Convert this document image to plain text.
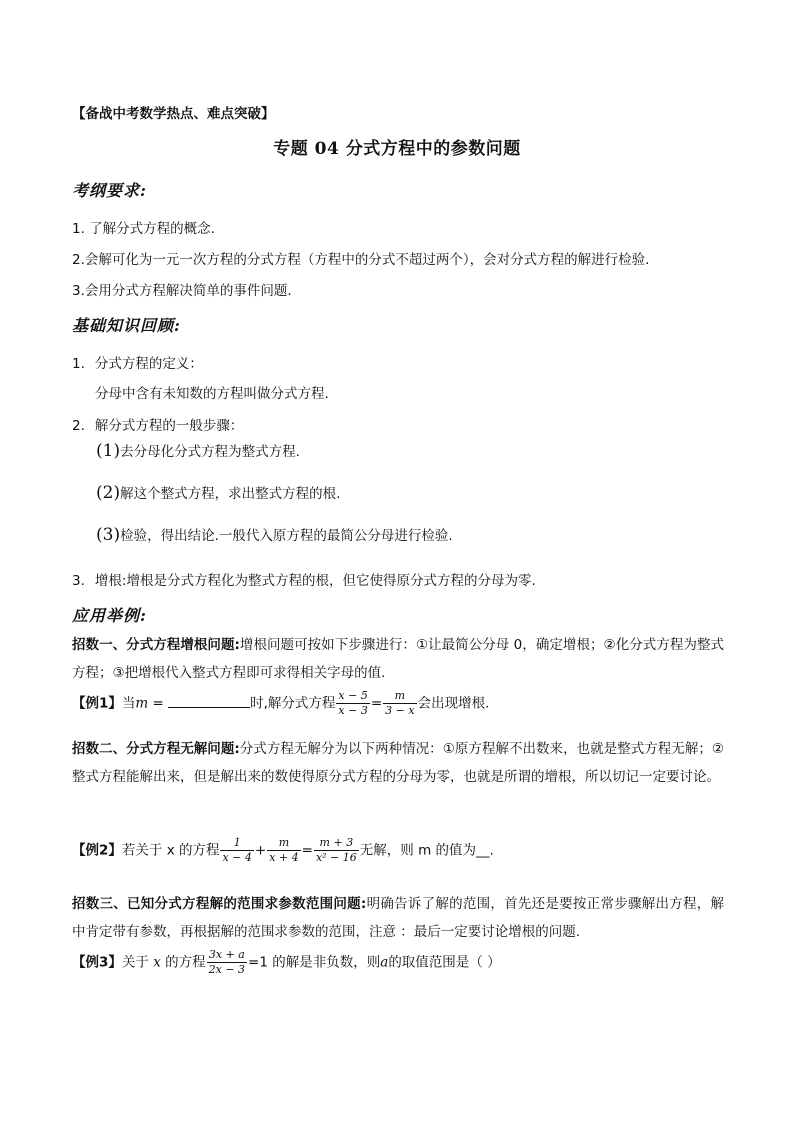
【备战中考数学热点、难点突破】
专题 04 分式方程中的参数问题
考纲要求:
1. 了解分式方程的概念.
2.会解可化为一元一次方程的分式方程（方程中的分式不超过两个），会对分式方程的解进行检验.
3.会用分式方程解决简单的事件问题.
基础知识回顾:
1. 分式方程的定义：
分母中含有未知数的方程叫做分式方程.
2. 解分式方程的一般步骤：
(1)去分母化分式方程为整式方程.
(2)解这个整式方程，求出整式方程的根.
(3)检验，得出结论.一般代入原方程的最简公分母进行检验.
3. 增根:增根是分式方程化为整式方程的根，但它使得原分式方程的分母为零.
应用举例:
招数一、分式方程增根问题:增根问题可按如下步骤进行：①让最简公分母 0，确定增根；②化分式方程为整式方程；③把增根代入整式方程即可求得相关字母的值.
【例1】当m =	时,解分式方程 $\frac{x - 5}{x - 3} = \frac{m}{3 - x}$ 会出现增根.
招数二、分式方程无解问题:分式方程无解分为以下两种情况：①原方程解不出数来，也就是整式方程无解；②整式方程能解出来，但是解出来的数使得原分式方程的分母为零，也就是所谓的增根，所以切记一定要讨论。
【例2】若关于 x 的方程 $\frac{1}{x - 4} + \frac{m}{x + 4} = \frac{m + 3}{\text{x² − 16}}$ 无解，则 m 的值为__.
招数三、已知分式方程解的范围求参数范围问题:明确告诉了解的范围，首先还是要按正常步骤解出方程，解中肯定带有参数，再根据解的范围求参数的范围，注意 ：最后一定要讨论增根的问题.
【例3】关于 x 的方程 $\frac{3x + a}{2x - 3} =1$ 的解是非负数，则a的取值范围是（ ）
